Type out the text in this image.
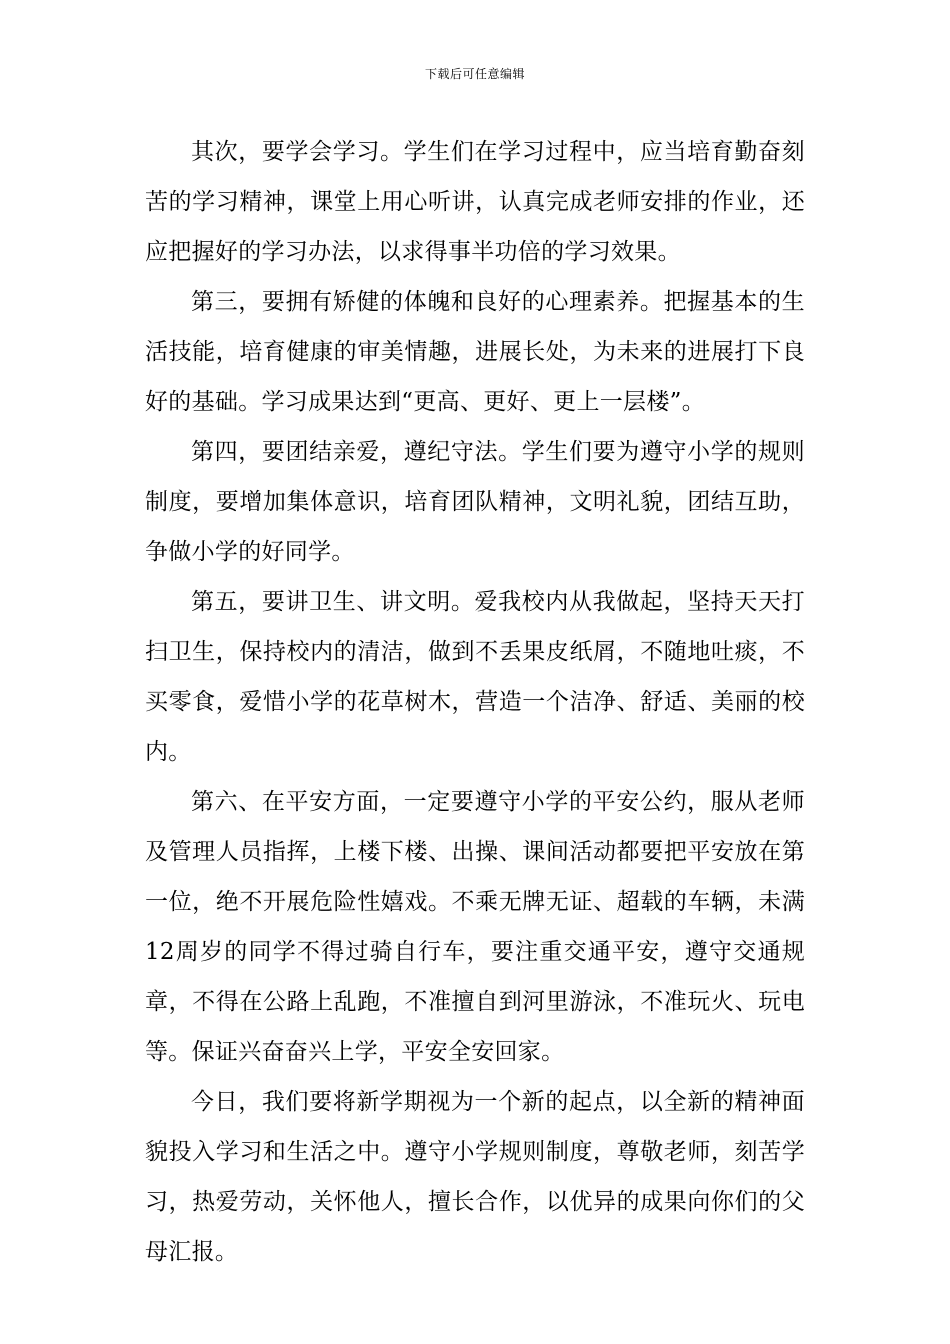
下载后可任意编辑

其次，要学会学习。学生们在学习过程中，应当培育勤奋刻苦的学习精神，课堂上用心听讲，认真完成老师安排的作业，还应把握好的学习办法，以求得事半功倍的学习效果。

第三，要拥有矫健的体魄和良好的心理素养。把握基本的生活技能，培育健康的审美情趣，进展长处，为未来的进展打下良好的基础。学习成果达到“更高、更好、更上一层楼”。

第四，要团结亲爱，遵纪守法。学生们要为遵守小学的规则制度，要增加集体意识，培育团队精神，文明礼貌，团结互助，争做小学的好同学。

第五，要讲卫生、讲文明。爱我校内从我做起，坚持天天打扫卫生，保持校内的清洁，做到不丢果皮纸屑，不随地吐痰，不买零食，爱惜小学的花草树木，营造一个洁净、舒适、美丽的校内。

第六、在平安方面，一定要遵守小学的平安公约，服从老师及管理人员指挥，上楼下楼、出操、课间活动都要把平安放在第一位，绝不开展危险性嬉戏。不乘无牌无证、超载的车辆，未满12周岁的同学不得过骑自行车，要注重交通平安，遵守交通规章，不得在公路上乱跑，不准擅自到河里游泳，不准玩火、玩电等。保证兴奋奋兴上学，平安全安回家。

今日，我们要将新学期视为一个新的起点，以全新的精神面貌投入学习和生活之中。遵守小学规则制度，尊敬老师，刻苦学习，热爱劳动，关怀他人，擅长合作，以优异的成果向你们的父母汇报。
